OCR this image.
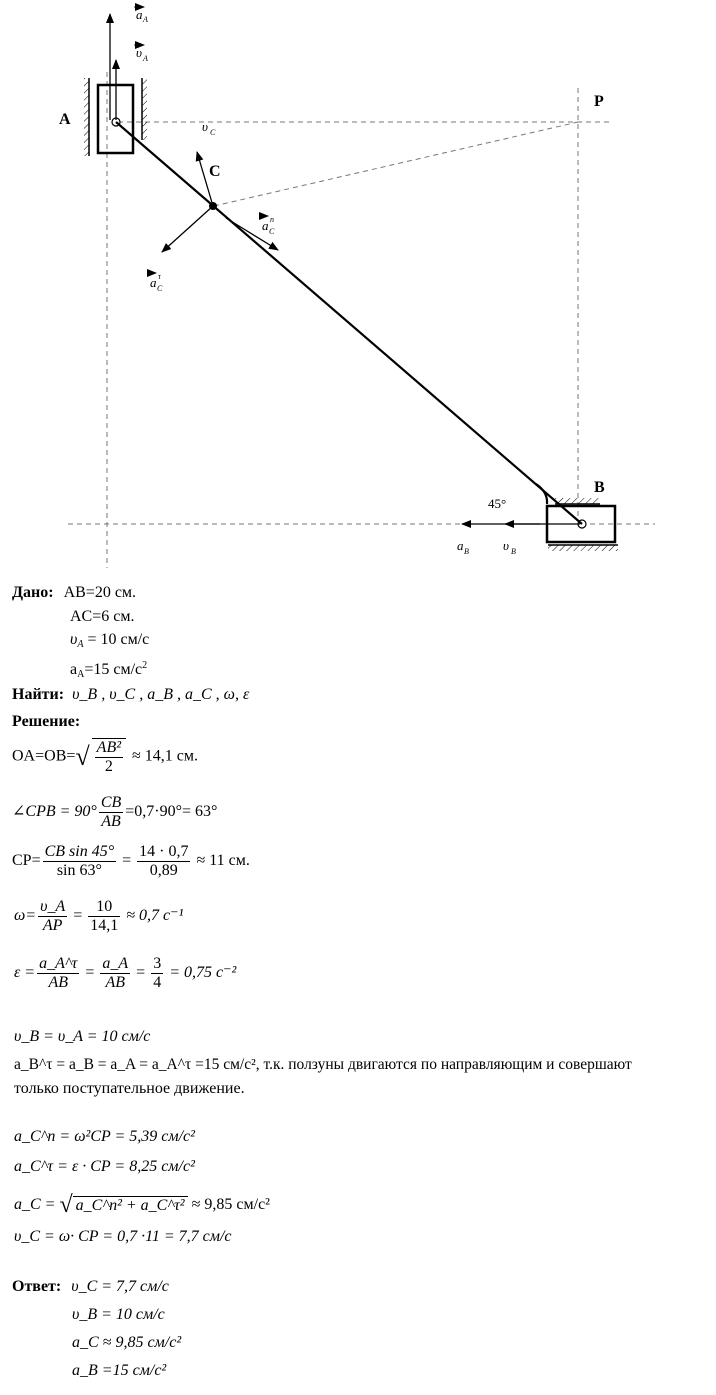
A
C
P
B
45°
a A
υ A
υ C
a C
n
a C
τ
a B	υ B
Дано: AB=20 см.
AC=6 см.
$\upsilon_A = 10$ см/с
$a_A=15$ $см/с^2$
Найти: υ_B , υ_C , a_B , a_C , ω, ε
Решение:
$OA=OB=√ \frac{\text{AB²}}{2} \approx 14,1$ см.
∠CPB = $90^\circ \frac{CB}{AB} =0,7\cdot 90^\circ= 63^\circ$
$CP= \frac{\text{CB sin 45°}}{\sin 63^\circ} = \frac{14 \cdot 0,7}{0,89} \approx 11$ см.
$\omega= \frac{\upsilon\_A}{AP} = \frac{10}{14,1} \approx 0,7$ c⁻¹
$\varepsilon = \frac{a\_A\^{}\tau}{AB} = \frac{a\_A}{AB} = \frac{3}{4} = 0,75$ c⁻²
υ_B = υ_A = 10 см/с
a_B^τ = a_B = a_A = a_A^τ =15 см/с², т.к. ползуны двигаются по направляющим и совершают
только поступательное движение.
a_C^n = ω²CP = 5,39 см/c²
a_C^τ = ε · CP = 8,25 см/c²
a_C = √ a_C^n² + a_C^τ² ≈ 9,85 см/c²
υ_C = ω· CP = 0,7 ·11 = 7,7 см/с
Ответ: υ_C = 7,7 см/с
υ_B = 10 см/с
a_C ≈ 9,85 см/c²
a_B =15 см/c²
